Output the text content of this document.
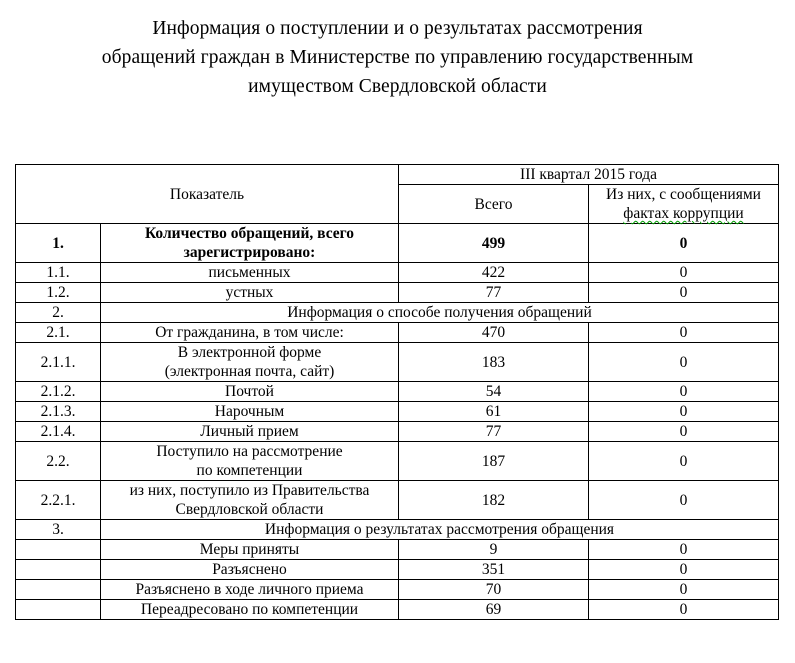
Информация о поступлении и о результатах рассмотрения
обращений граждан в Министерстве по управлению государственным
имуществом Свердловской области
Показатель		III квартал 2015 года	
		Всего	Из них, с сообщениями
фактах коррупции
1.	Количество обращений, всего
зарегистрировано:	499	0
1.1.	письменных	422	0
1.2.	устных	77	0
2.	Информация о способе получения обращений		
2.1.	От гражданина, в том числе:	470	0
2.1.1.	В электронной форме
(электронная почта, сайт)	183	0
2.1.2.	Почтой	54	0
2.1.3.	Нарочным	61	0
2.1.4.	Личный прием	77	0
2.2.	Поступило на рассмотрение
по компетенции	187	0
2.2.1.	из них, поступило из Правительства
Свердловской области	182	0
3.	Информация о результатах рассмотрения обращения		
	Меры приняты	9	0
	Разъяснено	351	0
	Разъяснено в ходе личного приема	70	0
	Переадресовано по компетенции	69	0
